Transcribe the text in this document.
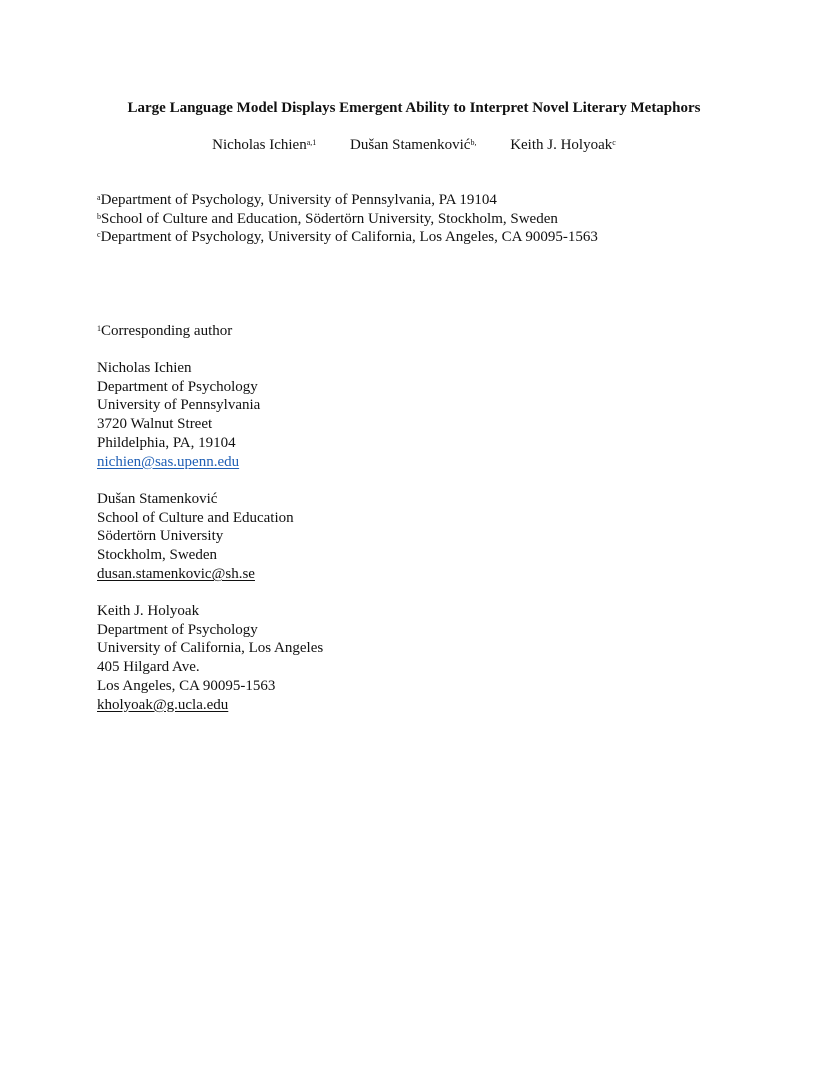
Large Language Model Displays Emergent Ability to Interpret Novel Literary Metaphors
Nicholas Ichien$^{a,1}$ Dušan Stamenković$^{b,}$ Keith J. Holyoak$^c$
$^a$Department of Psychology, University of Pennsylvania, PA 19104
$^b$School of Culture and Education, Södertörn University, Stockholm, Sweden
$^c$Department of Psychology, University of California, Los Angeles, CA 90095-1563
$^1$Corresponding author
Nicholas Ichien
Department of Psychology
University of Pennsylvania
3720 Walnut Street
Phildelphia, PA, 19104
nichien@sas.upenn.edu
Dušan Stamenković
School of Culture and Education
Södertörn University
Stockholm, Sweden
dusan.stamenkovic@sh.se
Keith J. Holyoak
Department of Psychology
University of California, Los Angeles
405 Hilgard Ave.
Los Angeles, CA 90095-1563
kholyoak@g.ucla.edu
